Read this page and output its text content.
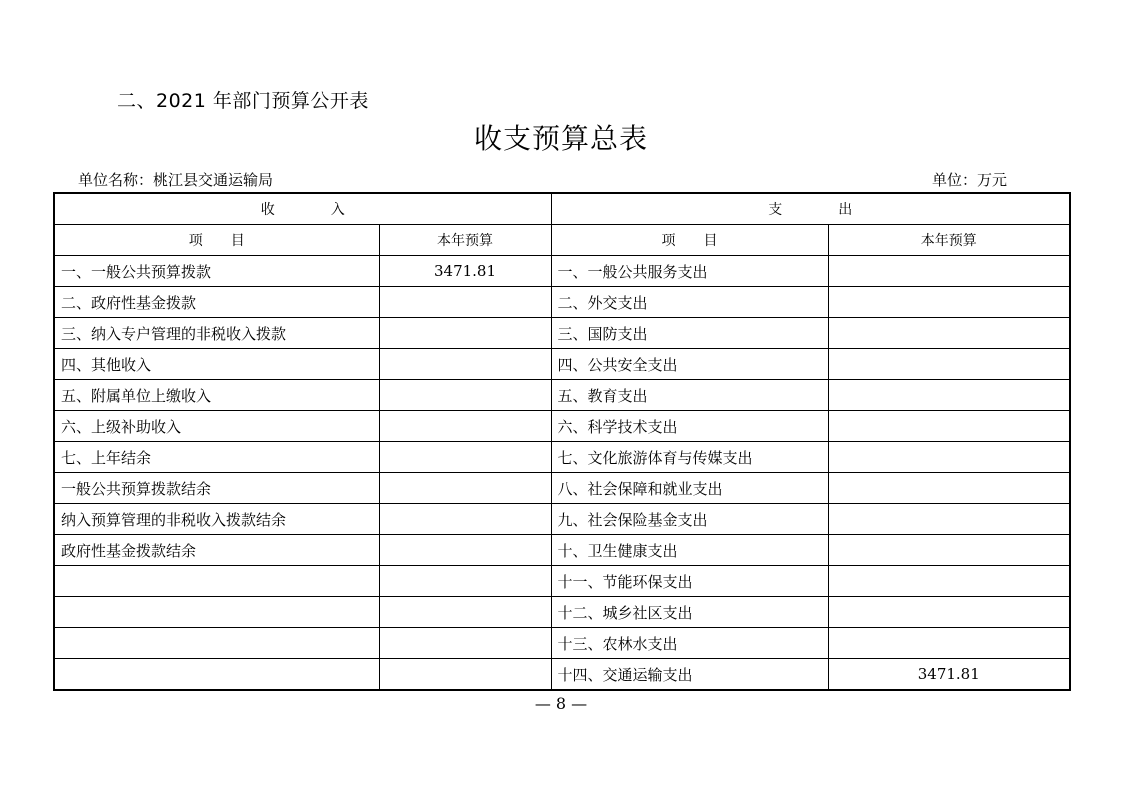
二、2021 年部门预算公开表
收支预算总表
单位名称：桃江县交通运输局	单位：万元
收　　　　入		支　　　　出	
项　　目	本年预算	项　　目	本年预算
一、一般公共预算拨款	3471.81	一、一般公共服务支出	
二、政府性基金拨款		二、外交支出	
三、纳入专户管理的非税收入拨款		三、国防支出	
四、其他收入		四、公共安全支出	
五、附属单位上缴收入		五、教育支出	
六、上级补助收入		六、科学技术支出	
七、上年结余		七、文化旅游体育与传媒支出	
一般公共预算拨款结余		八、社会保障和就业支出	
纳入预算管理的非税收入拨款结余		九、社会保险基金支出	
政府性基金拨款结余		十、卫生健康支出	
		十一、节能环保支出	
		十二、城乡社区支出	
		十三、农林水支出	
		十四、交通运输支出	3471.81
— 8 —
